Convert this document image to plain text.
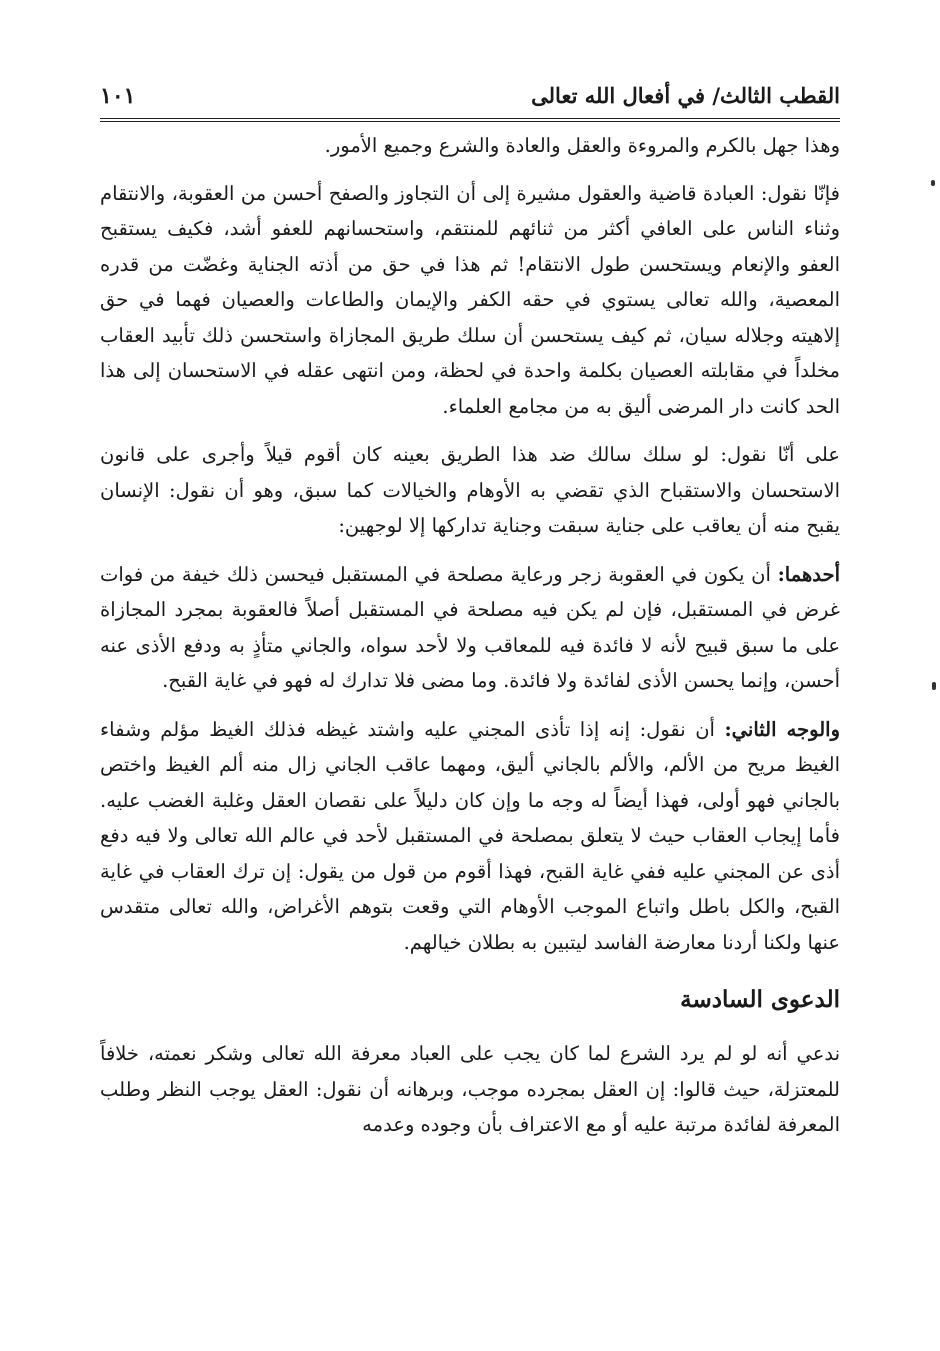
القطب الثالث/ في أفعال الله تعالى
١٠١

وهذا جهل بالكرم والمروءة والعقل والعادة والشرع وجميع الأمور.

فإنّا نقول: العبادة قاضية والعقول مشيرة إلى أن التجاوز والصفح أحسن من العقوبة، والانتقام وثناء الناس على العافي أكثر من ثنائهم للمنتقم، واستحسانهم للعفو أشد، فكيف يستقبح العفو والإنعام ويستحسن طول الانتقام! ثم هذا في حق من أذته الجناية وغضّت من قدره المعصية، والله تعالى يستوي في حقه الكفر والإيمان والطاعات والعصيان فهما في حق إلاهيته وجلاله سيان، ثم كيف يستحسن أن سلك طريق المجازاة واستحسن ذلك تأبيد العقاب مخلداً في مقابلته العصيان بكلمة واحدة في لحظة، ومن انتهى عقله في الاستحسان إلى هذا الحد كانت دار المرضى أليق به من مجامع العلماء.

على أنّا نقول: لو سلك سالك ضد هذا الطريق بعينه كان أقوم قيلاً وأجرى على قانون الاستحسان والاستقباح الذي تقضي به الأوهام والخيالات كما سبق، وهو أن نقول: الإنسان يقبح منه أن يعاقب على جناية سبقت وجناية تداركها إلا لوجهين:

أحدهما: أن يكون في العقوبة زجر ورعاية مصلحة في المستقبل فيحسن ذلك خيفة من فوات غرض في المستقبل، فإن لم يكن فيه مصلحة في المستقبل أصلاً فالعقوبة بمجرد المجازاة على ما سبق قبيح لأنه لا فائدة فيه للمعاقب ولا لأحد سواه، والجاني متأذٍ به ودفع الأذى عنه أحسن، وإنما يحسن الأذى لفائدة ولا فائدة. وما مضى فلا تدارك له فهو في غاية القبح.

والوجه الثاني: أن نقول: إنه إذا تأذى المجني عليه واشتد غيظه فذلك الغيظ مؤلم وشفاء الغيظ مريح من الألم، والألم بالجاني أليق، ومهما عاقب الجاني زال منه ألم الغيظ واختص بالجاني فهو أولى، فهذا أيضاً له وجه ما وإن كان دليلاً على نقصان العقل وغلبة الغضب عليه. فأما إيجاب العقاب حيث لا يتعلق بمصلحة في المستقبل لأحد في عالم الله تعالى ولا فيه دفع أذى عن المجني عليه ففي غاية القبح، فهذا أقوم من قول من يقول: إن ترك العقاب في غاية القبح، والكل باطل واتباع الموجب الأوهام التي وقعت بتوهم الأغراض، والله تعالى متقدس عنها ولكنا أردنا معارضة الفاسد ليتبين به بطلان خيالهم.

الدعوى السادسة

ندعي أنه لو لم يرد الشرع لما كان يجب على العباد معرفة الله تعالى وشكر نعمته، خلافاً للمعتزلة، حيث قالوا: إن العقل بمجرده موجب، وبرهانه أن نقول: العقل يوجب النظر وطلب المعرفة لفائدة مرتبة عليه أو مع الاعتراف بأن وجوده وعدمه
